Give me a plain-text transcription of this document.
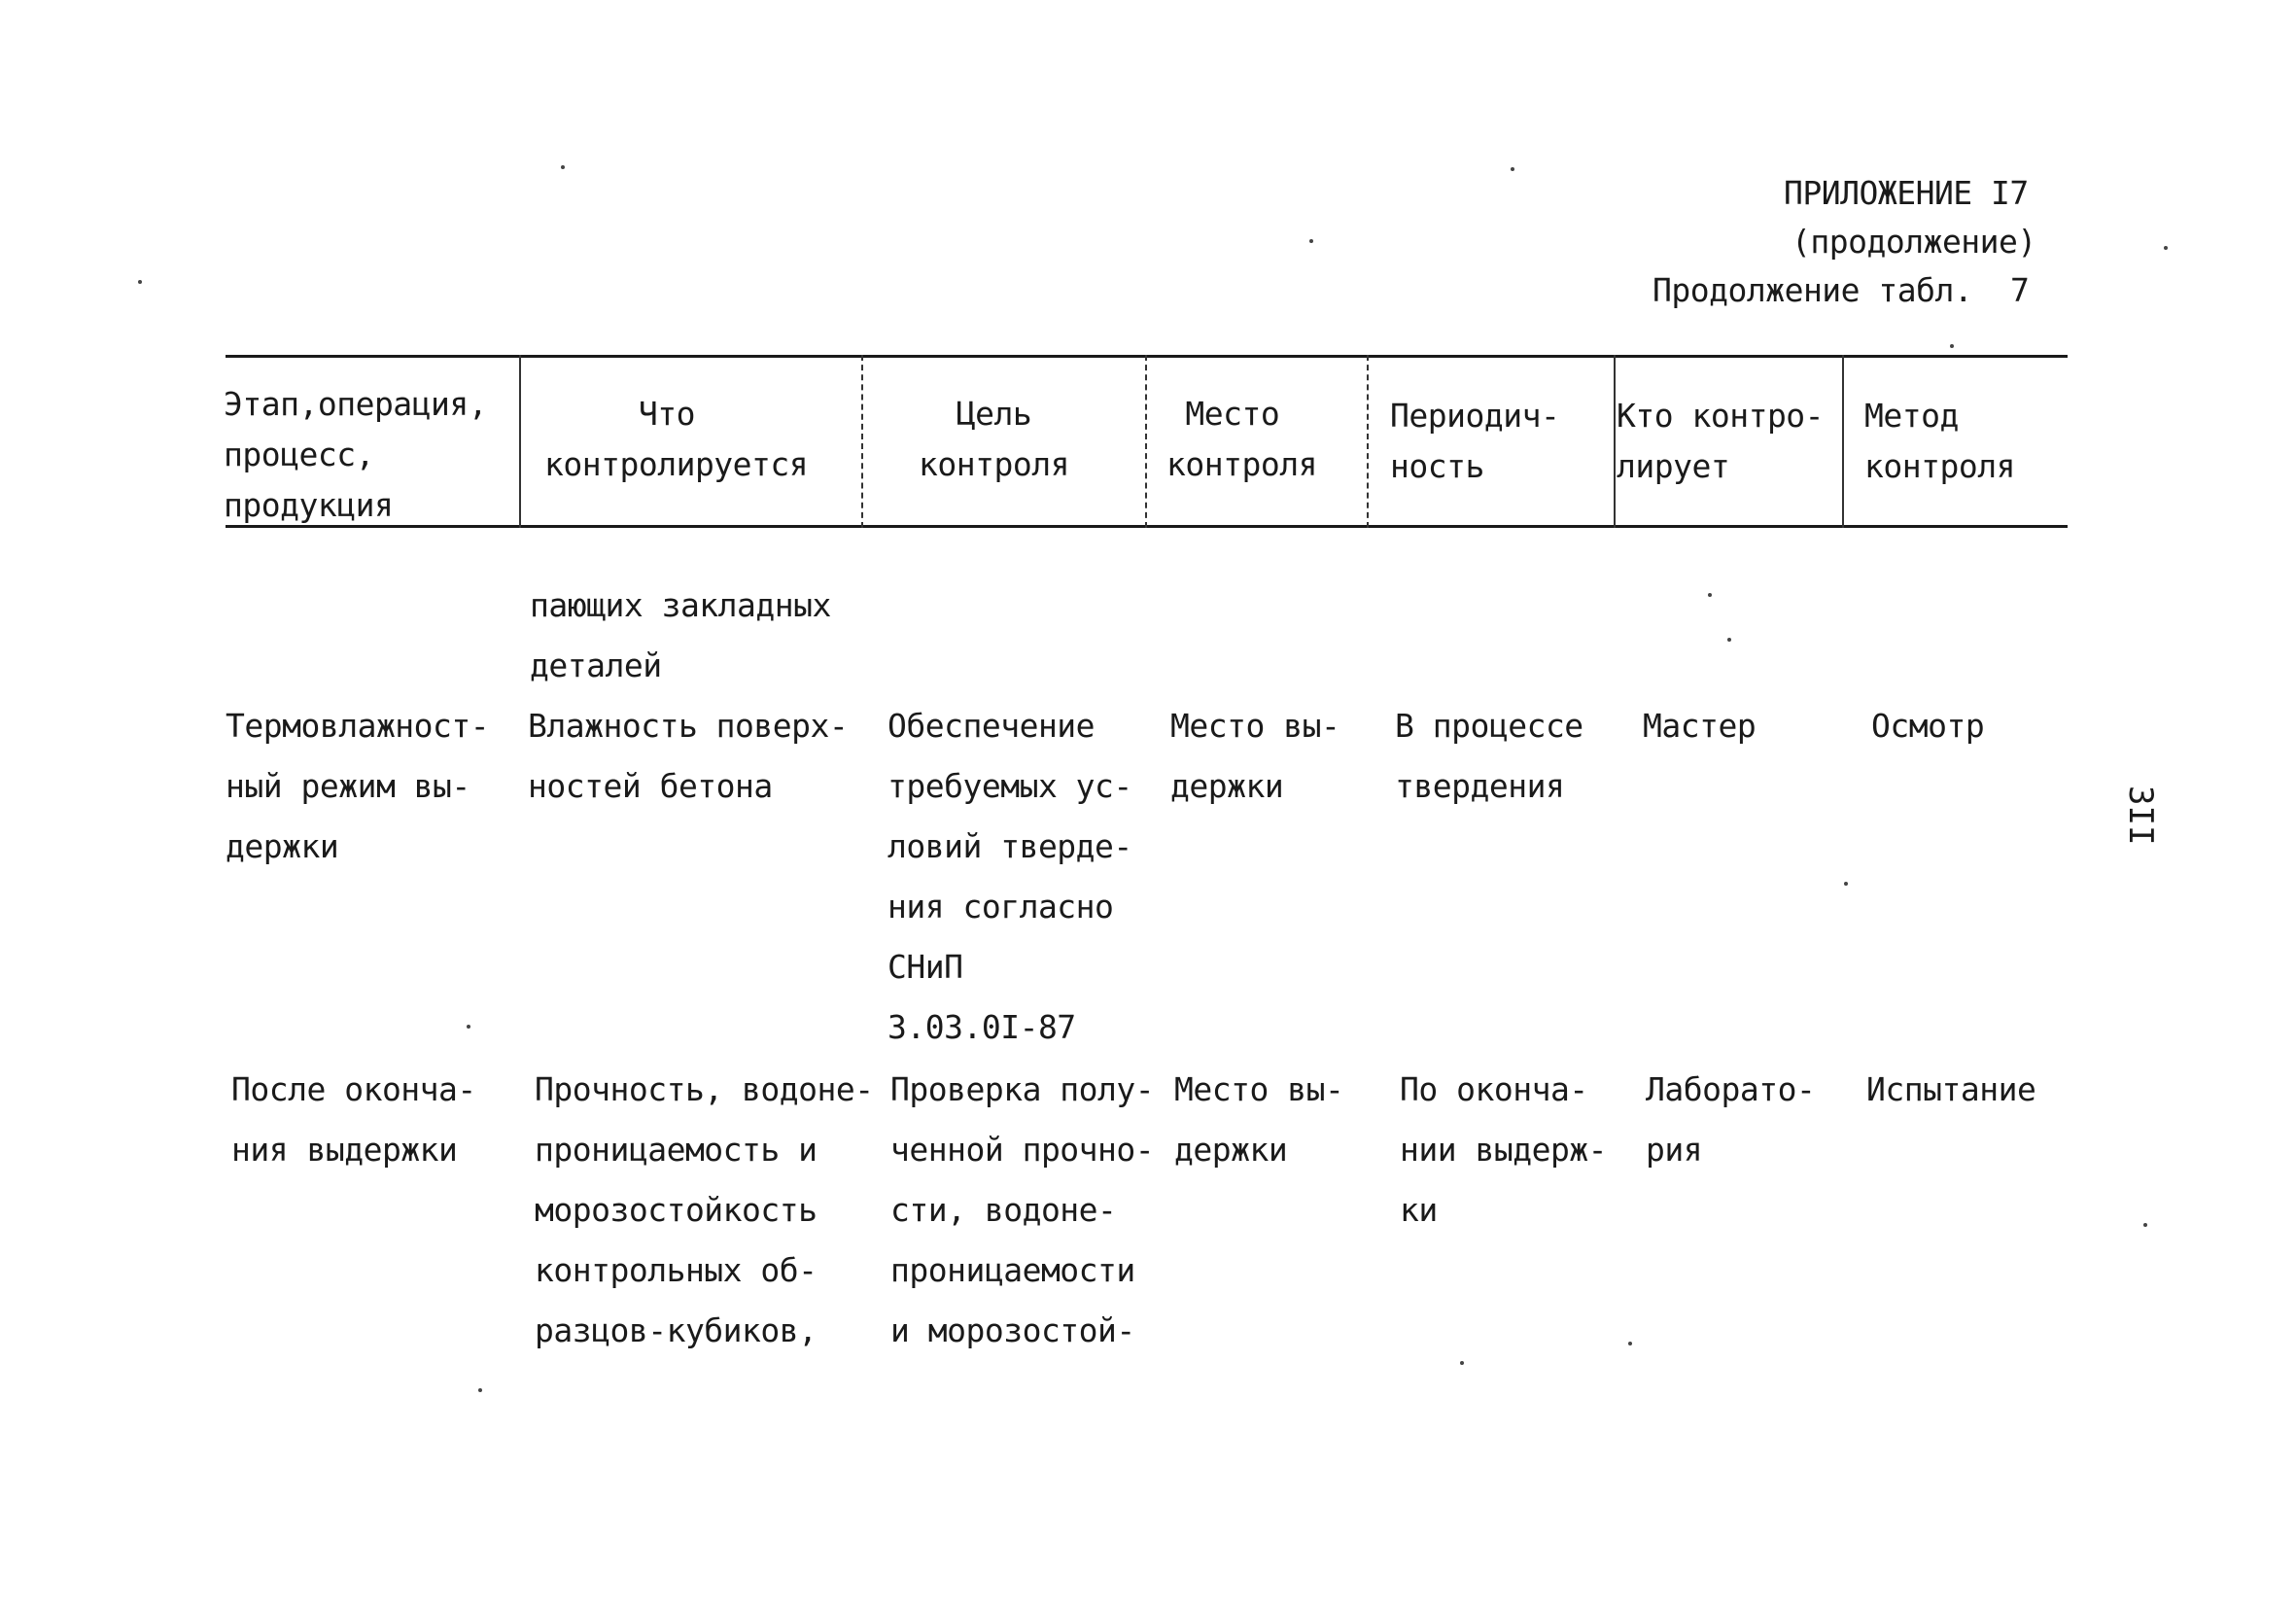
ПРИЛОЖЕНИЕ I7
(продолжение)
Продолжение табл.  7
Этап,операция,
процесс,
продукция
Что
контролируется
Цель
контроля
Место
контроля
Периодич-
ность
Кто контро-
лирует
Метод
контроля
пающих закладных
деталей
Термовлажност-
ный режим вы-
держки
Влажность поверх-
ностей бетона
Обеспечение
требуемых ус-
ловий тверде-
ния согласно
СНиП
3.03.0I-87
Место вы-
держки
В процессе
твердения
Мастер	Осмотр
После оконча-
ния выдержки
Прочность, водоне-
проницаемость и
морозостойкость
контрольных об-
разцов-кубиков,
Проверка полу-
ченной прочно-
сти, водоне-
проницаемости
и морозостой-
Место вы-
держки
По оконча-
нии выдерж-
ки
Лаборато-
рия
Испытание
3II
